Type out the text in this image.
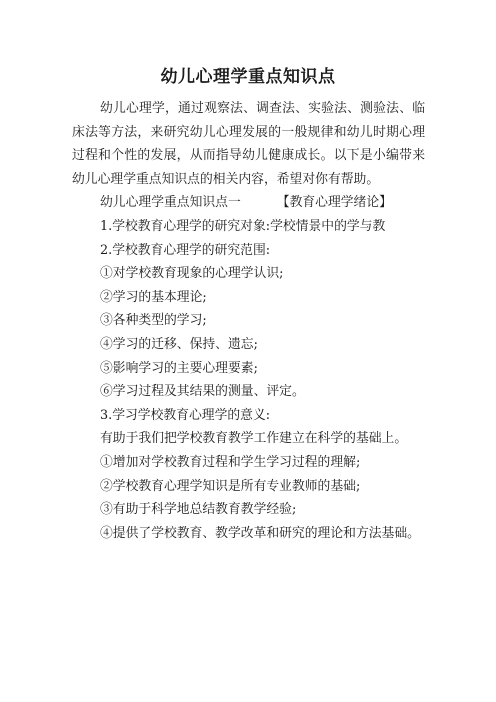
幼儿心理学重点知识点

幼儿心理学，通过观察法、调查法、实验法、测验法、临床法等方法，来研究幼儿心理发展的一般规律和幼儿时期心理过程和个性的发展，从而指导幼儿健康成长。以下是小编带来幼儿心理学重点知识点的相关内容，希望对你有帮助。

幼儿心理学重点知识点一	【教育心理学绪论】

1.学校教育心理学的研究对象:学校情景中的学与教

2.学校教育心理学的研究范围:

①对学校教育现象的心理学认识;

②学习的基本理论;

③各种类型的学习;

④学习的迁移、保持、遗忘;

⑤影响学习的主要心理要素;

⑥学习过程及其结果的测量、评定。

3.学习学校教育心理学的意义:

有助于我们把学校教育教学工作建立在科学的基础上。

①增加对学校教育过程和学生学习过程的理解;

②学校教育心理学知识是所有专业教师的基础;

③有助于科学地总结教育教学经验;

④提供了学校教育、教学改革和研究的理论和方法基础。
